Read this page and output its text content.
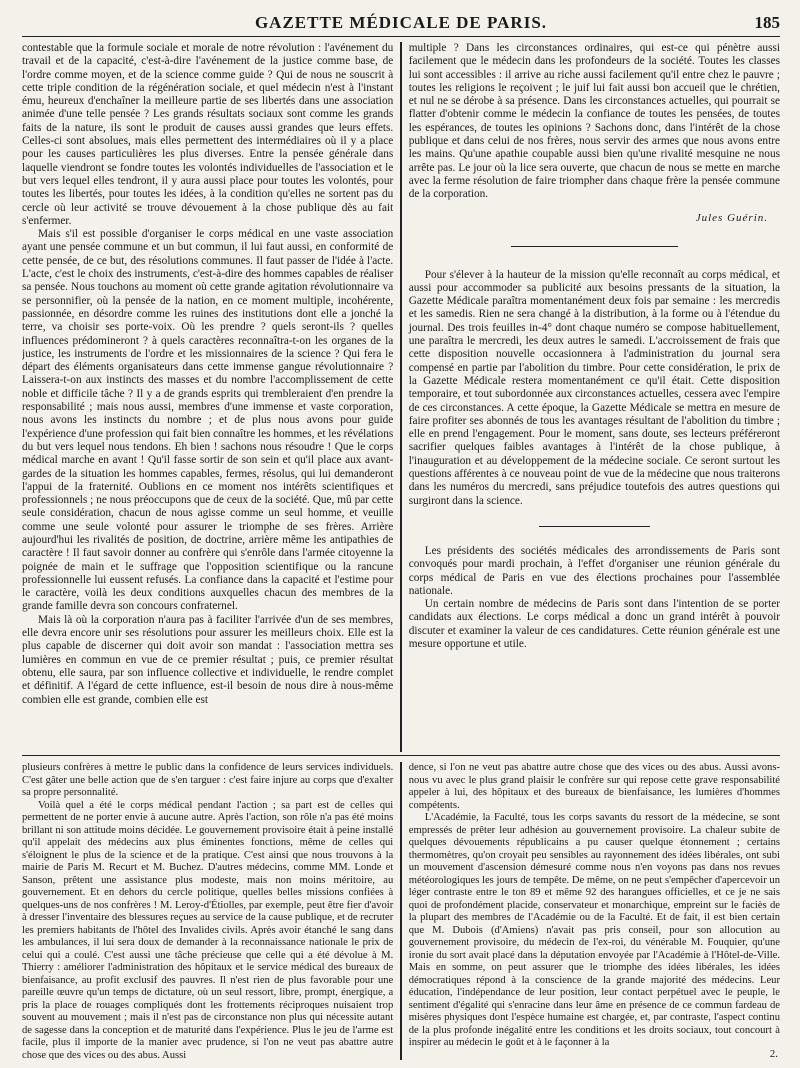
GAZETTE MÉDICALE DE PARIS.	185

contestable que la formule sociale et morale de notre révolution : l'avénement du travail et de la capacité, c'est-à-dire l'avénement de la justice comme base, de l'ordre comme moyen, et de la science comme guide ? Qui de nous ne souscrit à cette triple condition de la régénération sociale, et quel médecin n'est à l'instant ému, heureux d'enchaîner la meilleure partie de ses libertés dans une association animée d'une telle pensée ? Les grands résultats sociaux sont comme les grands faits de la nature, ils sont le produit de causes aussi grandes que leurs effets. Celles-ci sont absolues, mais elles permettent des intermédiaires où il y a place pour les causes particulières les plus diverses. Entre la pensée générale dans laquelle viendront se fondre toutes les volontés individuelles de l'association et le but vers lequel elles tendront, il y aura aussi place pour toutes les volontés, pour toutes les libertés, pour toutes les idées, à la condition qu'elles ne sortent pas du cercle où leur activité se trouve dévouement à la chose publique dès au fait s'enfermer.

Mais s'il est possible d'organiser le corps médical en une vaste association ayant une pensée commune et un but commun, il lui faut aussi, en conformité de cette pensée, de ce but, des résolutions communes. Il faut passer de l'idée à l'acte. L'acte, c'est le choix des instruments, c'est-à-dire des hommes capables de réaliser sa pensée. Nous touchons au moment où cette grande agitation révolutionnaire va se personnifier, où la pensée de la nation, en ce moment multiple, incohérente, passionnée, en désordre comme les ruines des institutions dont elle a jonché la terre, va choisir ses porte-voix. Où les prendre ? quels seront-ils ? quelles influences prédomineront ? à quels caractères reconnaîtra-t-on les organes de la justice, les instruments de l'ordre et les missionnaires de la science ? Qui fera le départ des éléments organisateurs dans cette immense gangue révolutionnaire ? Laissera-t-on aux instincts des masses et du nombre l'accomplissement de cette noble et difficile tâche ? Il y a de grands esprits qui trembleraient d'en prendre la responsabilité ; mais nous aussi, membres d'une immense et vaste corporation, nous avons les instincts du nombre ; et de plus nous avons pour guide l'expérience d'une profession qui fait bien connaître les hommes, et les révélations du but vers lequel nous tendons. Eh bien ! sachons nous résoudre ! Que le corps médical marche en avant ! Qu'il fasse sortir de son sein et qu'il place aux avant-gardes de la situation les hommes capables, fermes, résolus, qui lui demanderont l'appui de la fraternité. Oublions en ce moment nos intérêts scientifiques et professionnels ; ne nous préoccupons que de ceux de la société. Que, mû par cette seule considération, chacun de nous agisse comme un seul homme, et veuille comme une seule volonté pour assurer le triomphe de ses frères. Arrière aujourd'hui les rivalités de position, de doctrine, arrière même les antipathies de caractère ! Il faut savoir donner au confrère qui s'enrôle dans l'armée citoyenne la poignée de main et le suffrage que l'opposition scientifique ou la rancune professionnelle lui eussent refusés. La confiance dans la capacité et l'estime pour le caractère, voilà les deux conditions auxquelles chacun des membres de la grande famille devra son concours confraternel.

Mais là où la corporation n'aura pas à faciliter l'arrivée d'un de ses membres, elle devra encore unir ses résolutions pour assurer les meilleurs choix. Elle est la plus capable de discerner qui doit avoir son mandat : l'association mettra ses lumières en commun en vue de ce premier résultat ; puis, ce premier résultat obtenu, elle saura, par son influence collective et individuelle, le rendre complet et définitif. A l'égard de cette influence, est-il besoin de nous dire à nous-même combien elle est grande, combien elle est

multiple ? Dans les circonstances ordinaires, qui est-ce qui pénètre aussi facilement que le médecin dans les profondeurs de la société. Toutes les classes lui sont accessibles : il arrive au riche aussi facilement qu'il entre chez le pauvre ; toutes les religions le reçoivent ; le juif lui fait aussi bon accueil que le chrétien, et nul ne se dérobe à sa présence. Dans les circonstances actuelles, qui pourrait se flatter d'obtenir comme le médecin la confiance de toutes les pensées, de toutes les espérances, de toutes les opinions ? Sachons donc, dans l'intérêt de la chose publique et dans celui de nos frères, nous servir des armes que nous avons entre les mains. Qu'une apathie coupable aussi bien qu'une rivalité mesquine ne nous arrête pas. Le jour où la lice sera ouverte, que chacun de nous se mette en marche avec la ferme résolution de faire triompher dans chaque frère la pensée commune de la corporation.

Jules Guérin.

Pour s'élever à la hauteur de la mission qu'elle reconnaît au corps médical, et aussi pour accommoder sa publicité aux besoins pressants de la situation, la Gazette Médicale paraîtra momentanément deux fois par semaine : les mercredis et les samedis. Rien ne sera changé à la distribution, à la forme ou à l'étendue du journal. Des trois feuilles in-4° dont chaque numéro se compose habituellement, une paraîtra le mercredi, les deux autres le samedi. L'accroissement de frais que cette disposition nouvelle occasionnera à l'administration du journal sera compensé en partie par l'abolition du timbre. Pour cette considération, le prix de la Gazette Médicale restera momentanément ce qu'il était. Cette disposition temporaire, et tout subordonnée aux circonstances actuelles, cessera avec l'empire de ces circonstances. A cette époque, la Gazette Médicale se mettra en mesure de faire profiter ses abonnés de tous les avantages résultant de l'abolition du timbre ; elle en prend l'engagement. Pour le moment, sans doute, ses lecteurs préféreront sacrifier quelques faibles avantages à l'intérêt de la chose publique, à l'inauguration et au développement de la médecine sociale. Ce seront surtout les questions afférentes à ce nouveau point de vue de la médecine que nous traiterons dans les numéros du mercredi, sans préjudice toutefois des autres questions qui surgiront dans la science.

Les présidents des sociétés médicales des arrondissements de Paris sont convoqués pour mardi prochain, à l'effet d'organiser une réunion générale du corps médical de Paris en vue des élections prochaines pour l'assemblée nationale.

Un certain nombre de médecins de Paris sont dans l'intention de se porter candidats aux élections. Le corps médical a donc un grand intérêt à pouvoir discuter et examiner la valeur de ces candidatures. Cette réunion générale est une mesure opportune et utile.

plusieurs confrères à mettre le public dans la confidence de leurs services individuels. C'est gâter une belle action que de s'en targuer : c'est faire injure au corps que d'exalter sa propre personnalité.

Voilà quel a été le corps médical pendant l'action ; sa part est de celles qui permettent de ne porter envie à aucune autre. Après l'action, son rôle n'a pas été moins brillant ni son attitude moins décidée. Le gouvernement provisoire était à peine installé qu'il appelait des médecins aux plus éminentes fonctions, même de celles qui s'éloignent le plus de la science et de la pratique. C'est ainsi que nous trouvons à la mairie de Paris M. Recurt et M. Buchez. D'autres médecins, comme MM. Londe et Sanson, prêtent une assistance plus modeste, mais non moins méritoire, au gouvernement. Et en dehors du cercle politique, quelles belles missions confiées à quelques-uns de nos confrères ! M. Leroy-d'Étiolles, par exemple, peut être fier d'avoir à dresser l'inventaire des blessures reçues au service de la cause publique, et de recruter les premiers habitants de l'hôtel des Invalides civils. Après avoir étanché le sang dans les ambulances, il lui sera doux de demander à la reconnaissance nationale le prix de celui qui a coulé. C'est aussi une tâche précieuse que celle qui a été dévolue à M. Thierry : améliorer l'administration des hôpitaux et le service médical des bureaux de bienfaisance, au profit exclusif des pauvres. Il n'est rien de plus favorable pour une pareille œuvre qu'un temps de dictature, où un seul ressort, libre, prompt, énergique, a pris la place de rouages compliqués dont les frottements réciproques nuisaient trop souvent au mouvement ; mais il n'est pas de circonstance non plus qui nécessite autant de sagesse dans la conception et de maturité dans l'expérience. Plus le jeu de l'arme est facile, plus il importe de la manier avec prudence, si l'on ne veut pas abattre autre chose que des vices ou des abus. Aussi

dence, si l'on ne veut pas abattre autre chose que des vices ou des abus. Aussi avons-nous vu avec le plus grand plaisir le confrère sur qui repose cette grave responsabilité appeler à lui, des hôpitaux et des bureaux de bienfaisance, les lumières d'hommes compétents.

L'Académie, la Faculté, tous les corps savants du ressort de la médecine, se sont empressés de prêter leur adhésion au gouvernement provisoire. La chaleur subite de quelques dévouements républicains a pu causer quelque étonnement ; certains thermomètres, qu'on croyait peu sensibles au rayonnement des idées libérales, ont subi un mouvement d'ascension démesuré comme nous n'en voyons pas dans nos revues météorologiques les jours de tempête. De même, on ne peut s'empêcher d'apercevoir un léger contraste entre le ton 89 et même 92 des harangues officielles, et ce je ne sais quoi de profondément placide, conservateur et monarchique, empreint sur le faciès de la plupart des membres de l'Académie ou de la Faculté. Et de fait, il est bien certain que M. Dubois (d'Amiens) n'avait pas pris conseil, pour son allocution au gouvernement provisoire, du médecin de l'ex-roi, du vénérable M. Fouquier, qu'une ironie du sort avait placé dans la députation envoyée par l'Académie à l'Hôtel-de-Ville. Mais en somme, on peut assurer que le triomphe des idées libérales, les idées démocratiques répond à la conscience de la grande majorité des médecins. Leur éducation, l'indépendance de leur position, leur contact perpétuel avec le peuple, le sentiment d'égalité qui s'enracine dans leur âme en présence de ce commun fardeau de misères physiques dont l'espèce humaine est chargée, et, par contraste, l'aspect continu de la plus profonde inégalité entre les conditions et les droits sociaux, tout concourt à inspirer au médecin le goût et à le façonner à la

2.
